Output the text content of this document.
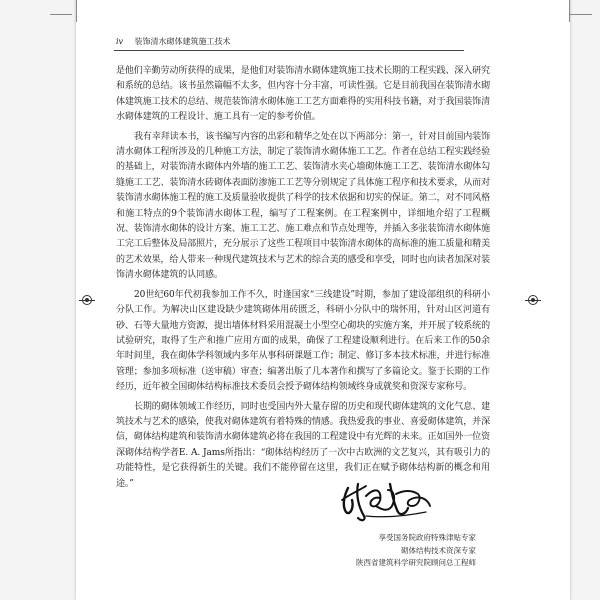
iv 装饰清水砌体建筑施工技术

是他们辛勤劳动所获得的成果，是他们对装饰清水砌体建筑施工技术长期的工程实践、深入研究和系统的总结。该书虽然篇幅不太多，但内容十分丰富，可读性强。它是目前我国在装饰清水砌体建筑施工技术的总结、规范装饰清水砌体施工工艺方面难得的实用科技书籍，对于我国装饰清水砌体建筑的工程设计、施工具有一定的参考价值。

我有幸拜读本书，该书编写内容的出彩和精华之处在以下两部分：第一，针对目前国内装饰清水砌体工程所涉及的几种施工方法，制定了装饰清水砌体施工工艺。作者在总结工程实践经验的基础上，对装饰清水砌体内外墙的施工工艺、装饰清水夹心墙砌体施工工艺、装饰清水砌体勾缝施工工艺、装饰清水砖砌体表面防渗施工工艺等分别规定了具体施工程序和技术要求，从而对装饰清水砌体施工程的施工及质量验收提供了科学的技术依据和切实的保证。第二，对不同风格和施工特点的9个装饰清水砌体工程，编写了工程案例。在工程案例中，详细地介绍了工程概况、装饰清水砌体的设计方案、施工工艺、施工难点和节点处理等，并插入多张装饰清水砌体施工完工后整体及局部照片，充分展示了这些工程项目中装饰清水砌体的高标准的施工质量和精美的艺术效果，给人带来一种现代建筑技术与艺术的综合美的感受和享受，同时也向读者加深对装饰清水砌体建筑的认同感。

20世纪60年代初我参加工作不久，时逢国家“三线建设”时期，参加了建设部组织的科研小分队工作。为解决山区建设缺少建筑砌体用砖匮乏，科研小分队中的瑞怀用，针对山区河道有砂、石等大量地方资源，提出墙体材料采用混凝土小型空心砌块的实施方案，并开展了较系统的试验研究，取得了生产和推广应用方面的成果，确保了工程建设顺利进行。在后来工作的50余年时间里，我在砌体学科领域内多年从事科研课题工作；制定、修订多本技术标准，并进行标准管理；参加多项标准（送审稿）审查；编著出版了几本著作和撰写了多篇论文。鉴于长期的工作经历，近年被全国砌体结构标准技术委员会授予砌体结构领域终身成就奖和资深专家称号。

长期的砌体领域工作经历，同时也受国内外大量存留的历史和现代砌体建筑的文化气息、建筑技术与艺术的感染，使我对砌体建筑有着特殊的情感。我热爱我的事业、喜爱砌体建筑，并深信，砌体结构建筑和装饰清水砌体建筑必将在我国的工程建设中有光辉的未来。正如国外一位资深砌体结构学者E. A. Jams所指出：“砌体结构经历了一次中古欧洲的文艺复兴，其有吸引力的功能特性，是它获得新生的关键。我们不能停留在这里，我们正在赋予砌体结构新的概念和用途。”

享受国务院政府特殊津贴专家
砌体结构技术资深专家
陕西省建筑科学研究院顾问总工程师
